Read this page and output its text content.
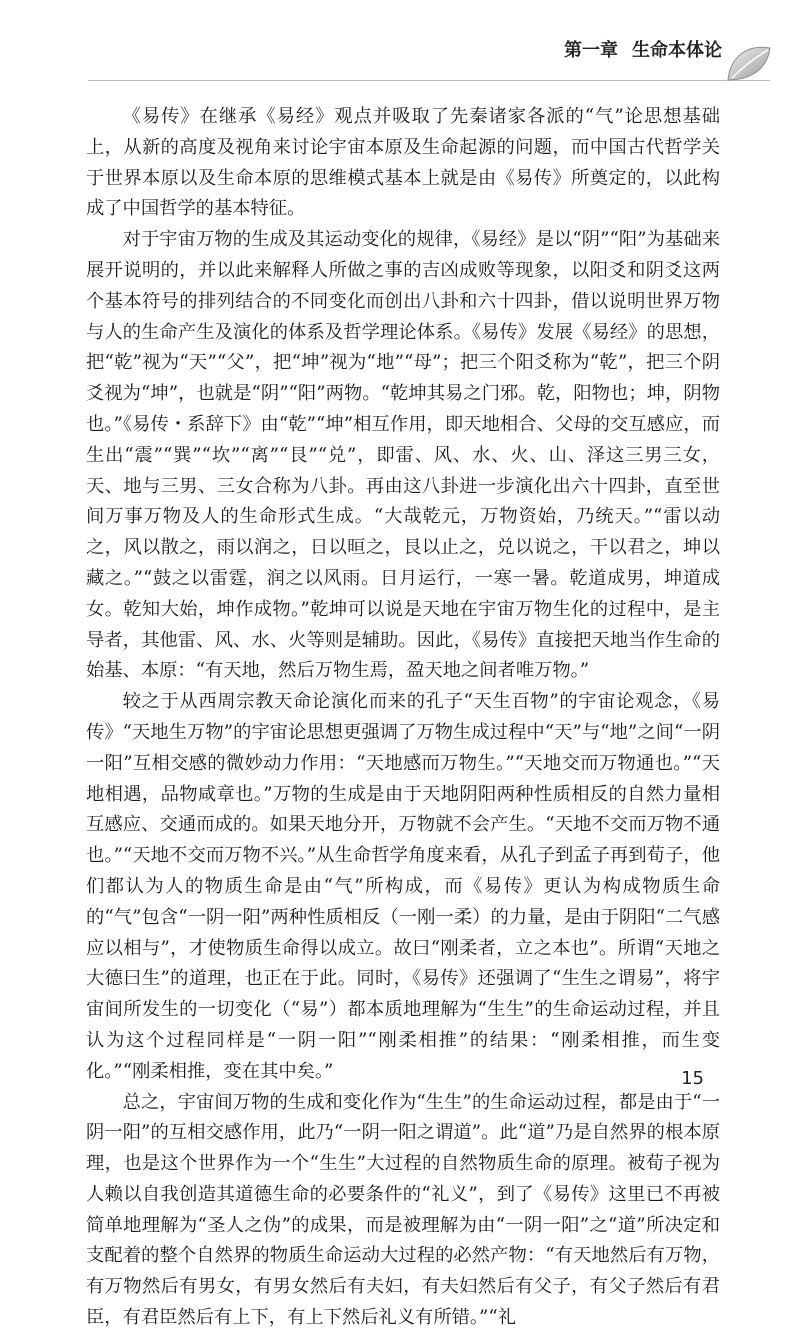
第一章 生命本体论

《易传》在继承《易经》观点并吸取了先秦诸家各派的“气”论思想基础上，从新的高度及视角来讨论宇宙本原及生命起源的问题，而中国古代哲学关于世界本原以及生命本原的思维模式基本上就是由《易传》所奠定的，以此构成了中国哲学的基本特征。

对于宇宙万物的生成及其运动变化的规律，《易经》是以“阴”“阳”为基础来展开说明的，并以此来解释人所做之事的吉凶成败等现象，以阳爻和阴爻这两个基本符号的排列结合的不同变化而创出八卦和六十四卦，借以说明世界万物与人的生命产生及演化的体系及哲学理论体系。《易传》发展《易经》的思想，把“乾”视为“天”“父”，把“坤”视为“地”“母”；把三个阳爻称为“乾”，把三个阴爻视为“坤”，也就是“阴”“阳”两物。“乾坤其易之门邪。乾，阳物也；坤，阴物也。”《易传・系辞下》由“乾”“坤”相互作用，即天地相合、父母的交互感应，而生出“震”“巽”“坎”“离”“艮”“兑”，即雷、风、水、火、山、泽这三男三女，天、地与三男、三女合称为八卦。再由这八卦进一步演化出六十四卦，直至世间万事万物及人的生命形式生成。“大哉乾元，万物资始，乃统天。”“雷以动之，风以散之，雨以润之，日以晅之，艮以止之，兑以说之，干以君之，坤以藏之。”“鼓之以雷霆，润之以风雨。日月运行，一寒一暑。乾道成男，坤道成女。乾知大始，坤作成物。”乾坤可以说是天地在宇宙万物生化的过程中，是主导者，其他雷、风、水、火等则是辅助。因此，《易传》直接把天地当作生命的始基、本原：“有天地，然后万物生焉，盈天地之间者唯万物。”

较之于从西周宗教天命论演化而来的孔子“天生百物”的宇宙论观念，《易传》“天地生万物”的宇宙论思想更强调了万物生成过程中“天”与“地”之间“一阴一阳”互相交感的微妙动力作用：“天地感而万物生。”“天地交而万物通也。”“天地相遇，品物咸章也。”万物的生成是由于天地阴阳两种性质相反的自然力量相互感应、交通而成的。如果天地分开，万物就不会产生。“天地不交而万物不通也。”“天地不交而万物不兴。”从生命哲学角度来看，从孔子到孟子再到荀子，他们都认为人的物质生命是由“气”所构成，而《易传》更认为构成物质生命的“气”包含“一阴一阳”两种性质相反（一刚一柔）的力量，是由于阴阳“二气感应以相与”，才使物质生命得以成立。故曰“刚柔者，立之本也”。所谓“天地之大德曰生”的道理，也正在于此。同时，《易传》还强调了“生生之谓易”，将宇宙间所发生的一切变化（“易”）都本质地理解为“生生”的生命运动过程，并且认为这个过程同样是“一阴一阳”“刚柔相推”的结果：“刚柔相推，而生变化。”“刚柔相推，变在其中矣。”

总之，宇宙间万物的生成和变化作为“生生”的生命运动过程，都是由于“一阴一阳”的互相交感作用，此乃“一阴一阳之谓道”。此“道”乃是自然界的根本原理，也是这个世界作为一个“生生”大过程的自然物质生命的原理。被荀子视为人赖以自我创造其道德生命的必要条件的“礼义”，到了《易传》这里已不再被简单地理解为“圣人之伪”的成果，而是被理解为由“一阴一阳”之“道”所决定和支配着的整个自然界的物质生命运动大过程的必然产物：“有天地然后有万物，有万物然后有男女，有男女然后有夫妇，有夫妇然后有父子，有父子然后有君臣，有君臣然后有上下，有上下然后礼义有所错。”“礼

15
